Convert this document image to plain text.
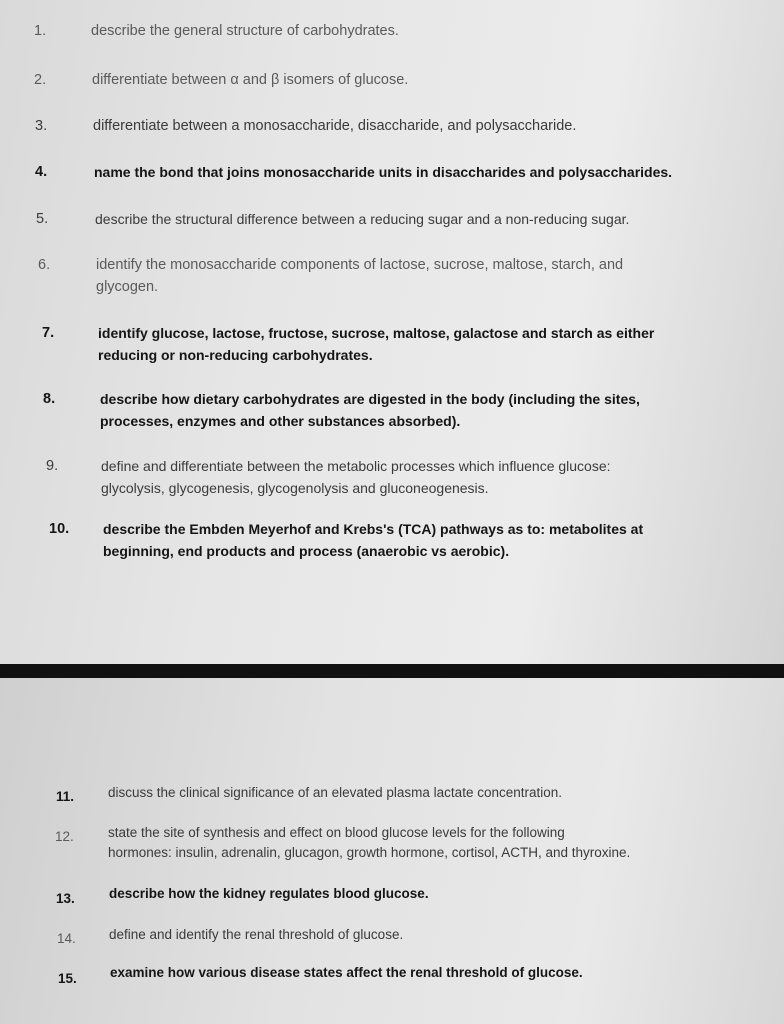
1.	describe the general structure of carbohydrates.
2.	differentiate between α and β isomers of glucose.
3.	differentiate between a monosaccharide, disaccharide, and polysaccharide.
4.	name the bond that joins monosaccharide units in disaccharides and polysaccharides.
5.	describe the structural difference between a reducing sugar and a non-reducing sugar.
6.	identify the monosaccharide components of lactose, sucrose, maltose, starch, and
glycogen.
7.	identify glucose, lactose, fructose, sucrose, maltose, galactose and starch as either
reducing or non-reducing carbohydrates.
8.	describe how dietary carbohydrates are digested in the body (including the sites,
processes, enzymes and other substances absorbed).
9.	define and differentiate between the metabolic processes which influence glucose:
glycolysis, glycogenesis, glycogenolysis and gluconeogenesis.
10. describe the Embden Meyerhof and Krebs's (TCA) pathways as to: metabolites at
beginning, end products and process (anaerobic vs aerobic).
11.	discuss the clinical significance of an elevated plasma lactate concentration.
12.	state the site of synthesis and effect on blood glucose levels for the following
hormones: insulin, adrenalin, glucagon, growth hormone, cortisol, ACTH, and thyroxine.
13.	describe how the kidney regulates blood glucose.
14. define and identify the renal threshold of glucose.
15. examine how various disease states affect the renal threshold of glucose.
